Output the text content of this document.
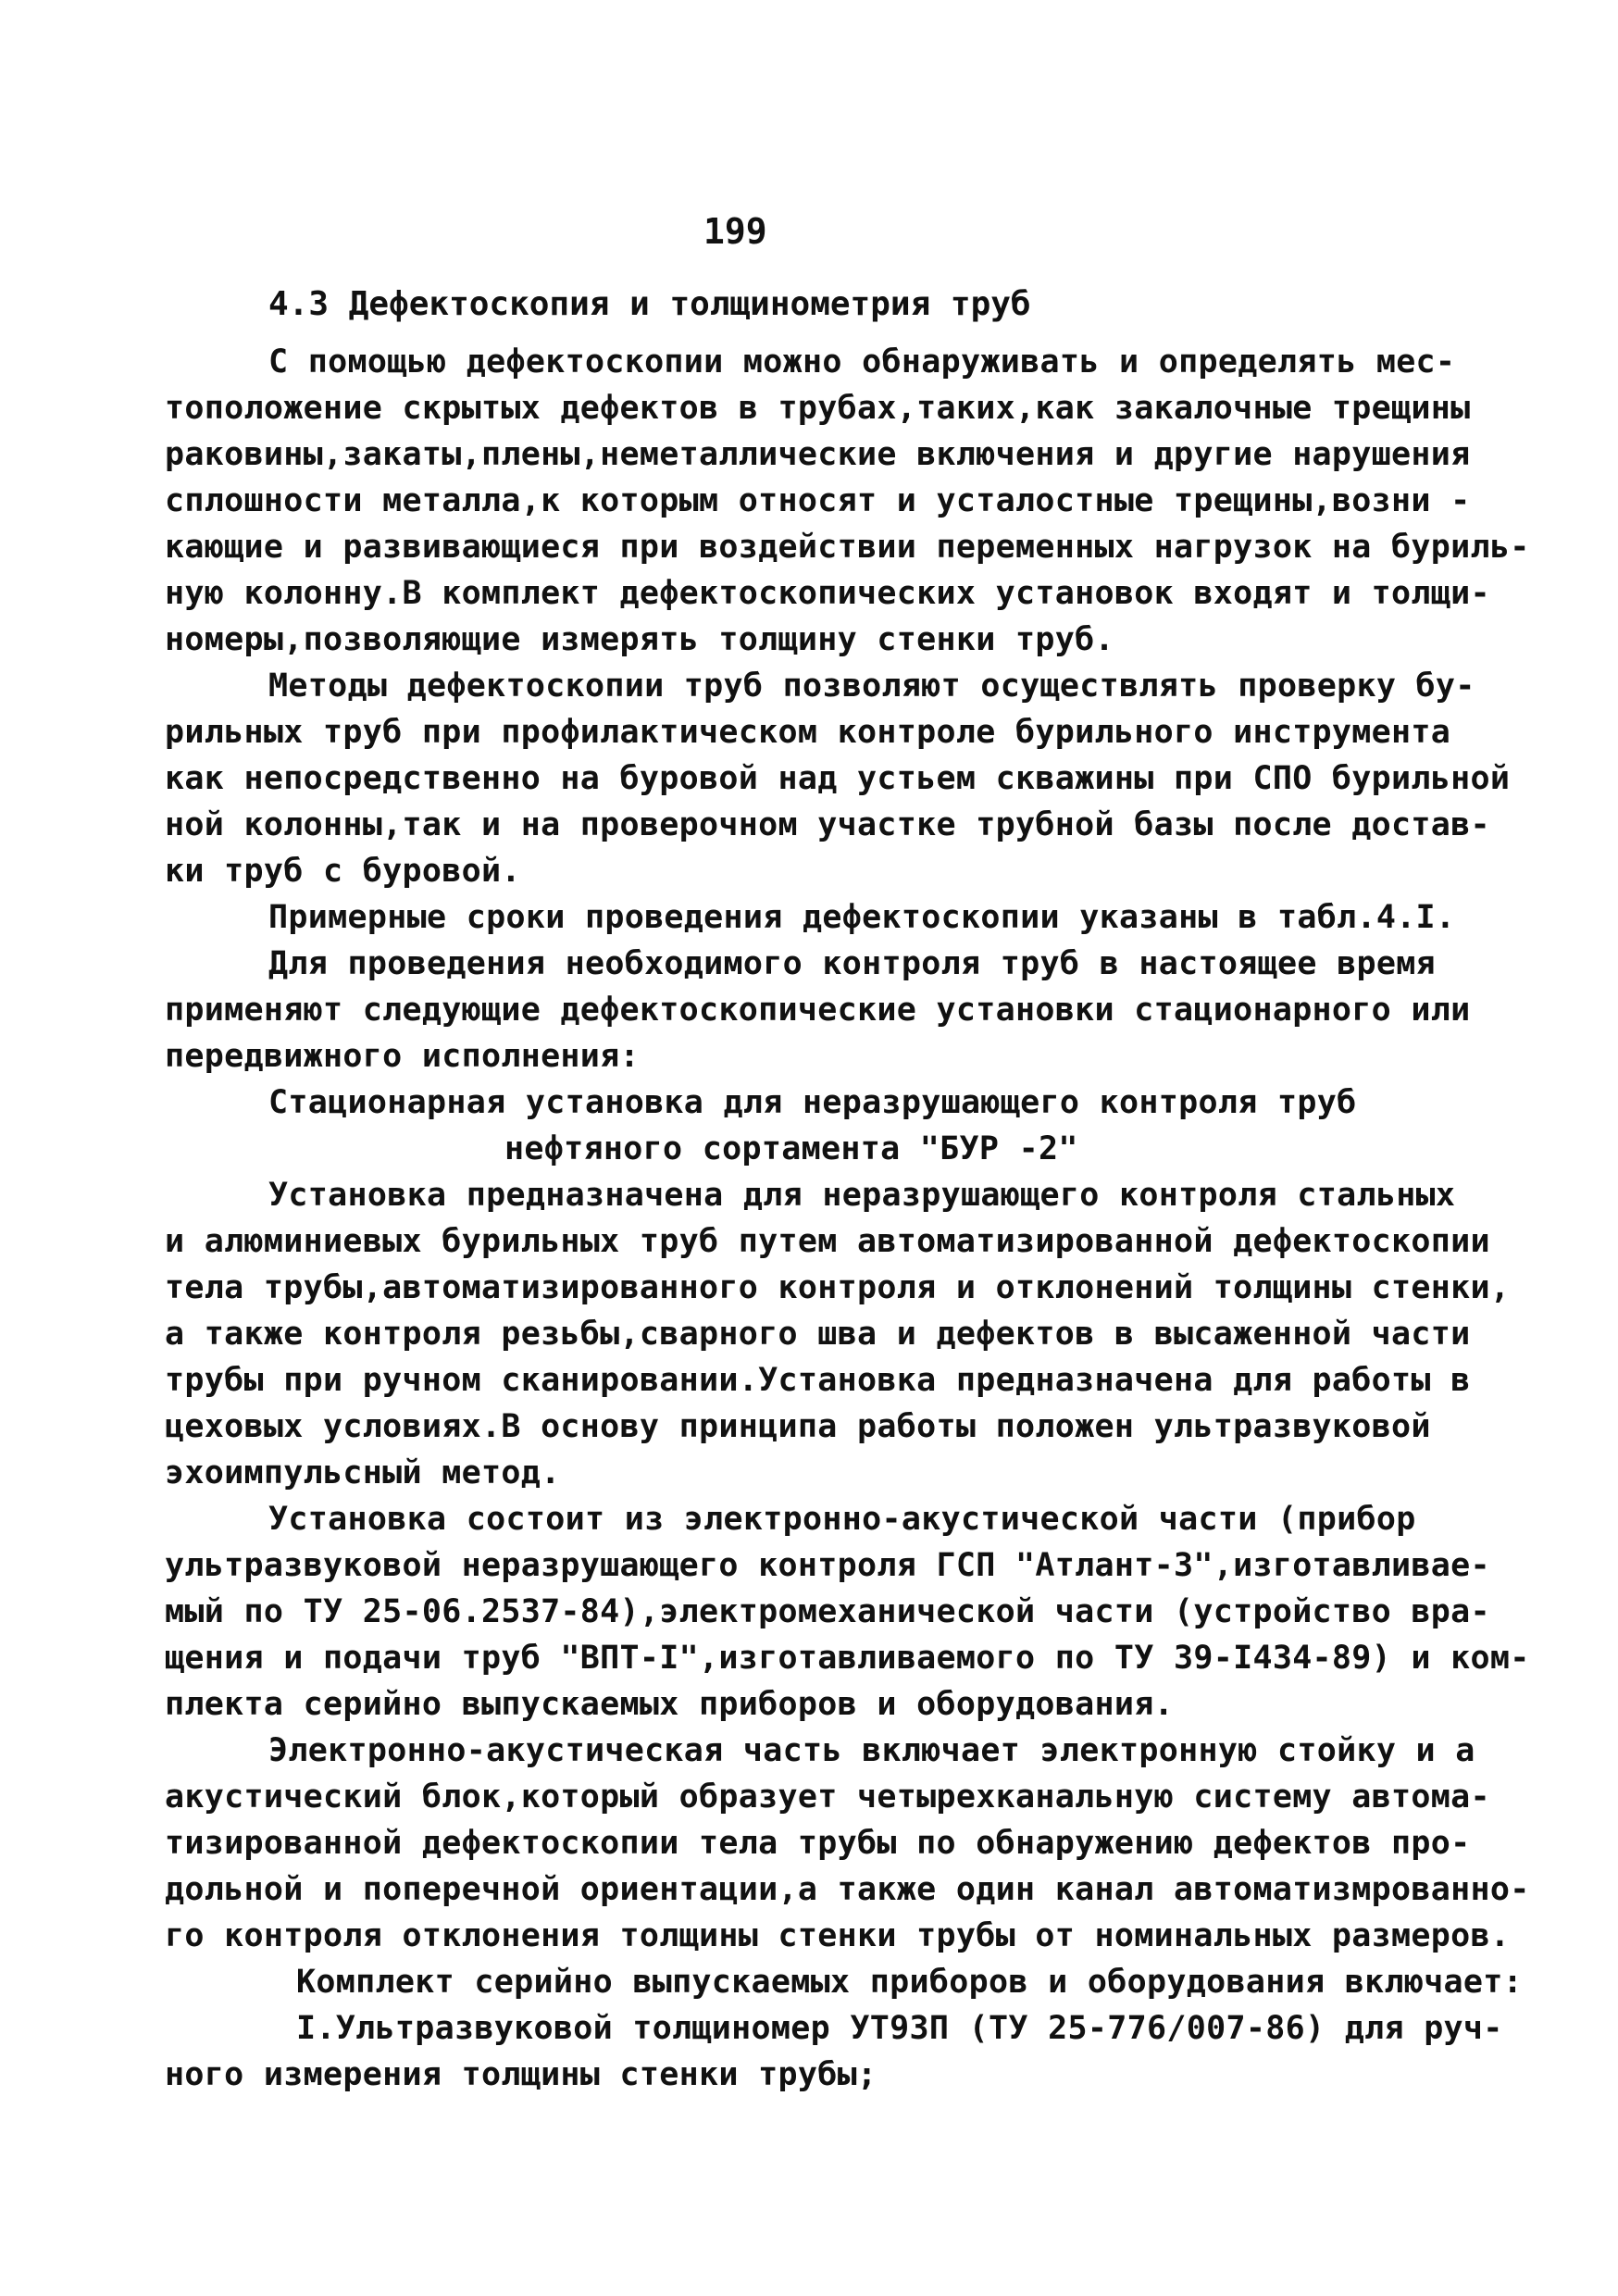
199
4.3 Дефектоскопия и толщинометрия труб
С помощью дефектоскопии можно обнаруживать и определять мес-
тоположение скрытых дефектов в трубах,таких,как закалочные трещины
раковины,закаты,плены,неметаллические включения и другие нарушения
сплошности металла,к которым относят и усталостные трещины,возни -
кающие и развивающиеся при воздействии переменных нагрузок на буриль-
ную колонну.В комплект дефектоскопических установок входят и толщи-
номеры,позволяющие измерять толщину стенки труб.
Методы дефектоскопии труб позволяют осуществлять проверку бу-
рильных труб при профилактическом контроле бурильного инструмента
как непосредственно на буровой над устьем скважины при СПО бурильной
ной колонны,так и на проверочном участке трубной базы после достав-
ки труб с буровой.
Примерные сроки проведения дефектоскопии указаны в табл.4.I.
Для проведения необходимого контроля труб в настоящее время
применяют следующие дефектоскопические установки стационарного или
передвижного исполнения:
Стационарная установка для неразрушающего контроля труб
нефтяного сортамента "БУР -2"
Установка предназначена для неразрушающего контроля стальных
и алюминиевых бурильных труб путем автоматизированной дефектоскопии
тела трубы,автоматизированного контроля и отклонений толщины стенки,
а также контроля резьбы,сварного шва и дефектов в высаженной части
трубы при ручном сканировании.Установка предназначена для работы в
цеховых условиях.В основу принципа работы положен ультразвуковой
эхоимпульсный метод.
Установка состоит из электронно-акустической части (прибор
ультразвуковой неразрушающего контроля ГСП "Атлант-3",изготавливае-
мый по ТУ 25-06.2537-84),электромеханической части (устройство вра-
щения и подачи труб "ВПТ-I",изготавливаемого по ТУ 39-I434-89) и ком-
плекта серийно выпускаемых приборов и оборудования.
Электронно-акустическая часть включает электронную стойку и а
акустический блок,который образует четырехканальную систему автома-
тизированной дефектоскопии тела трубы по обнаружению дефектов про-
дольной и поперечной ориентации,а также один канал автоматизмрованно-
го контроля отклонения толщины стенки трубы от номинальных размеров.
Комплект серийно выпускаемых приборов и оборудования включает:
I.Ультразвуковой толщиномер УТ93П (ТУ 25-776/007-86) для руч-
ного измерения толщины стенки трубы;
